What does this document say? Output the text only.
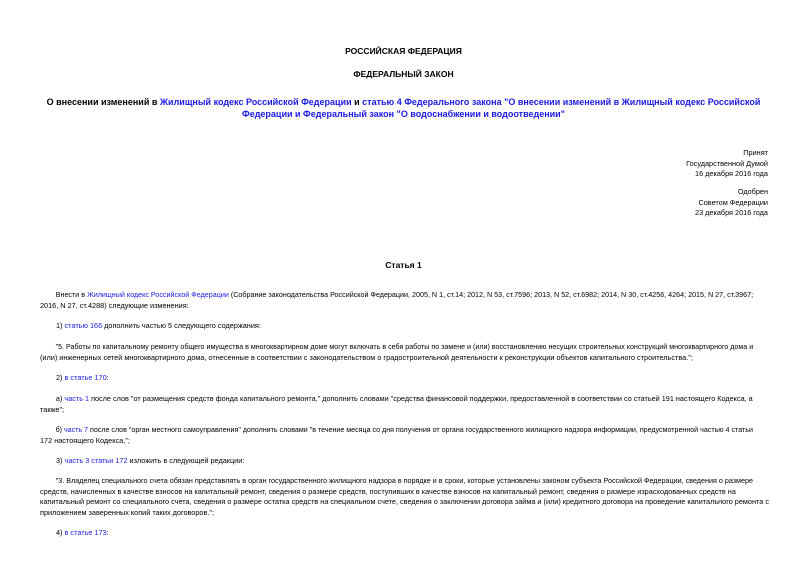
РОССИЙСКАЯ ФЕДЕРАЦИЯ
ФЕДЕРАЛЬНЫЙ ЗАКОН
О внесении изменений в Жилищный кодекс Российской Федерации и статью 4 Федерального закона "О внесении изменений в Жилищный кодекс Российской
Федерации и Федеральный закон "О водоснабжении и водоотведении"
Принят
Государственной Думой
16 декабря 2016 года
Одобрен
Советом Федерации
23 декабря 2016 года
Статья 1
Внести в Жилищный кодекс Российской Федерации (Собрание законодательства Российской Федерации, 2005, N 1, ст.14; 2012, N 53, ст.7596; 2013, N 52, ст.6982; 2014, N 30, ст.4256, 4264; 2015, N 27, ст.3967;
2016, N 27, ст.4288) следующие изменения:
1) статью 166 дополнить частью 5 следующего содержания:
"5. Работы по капитальному ремонту общего имущества в многоквартирном доме могут включать в себя работы по замене и (или) восстановлению несущих строительных конструкций многоквартирного дома и
(или) инженерных сетей многоквартирного дома, отнесенные в соответствии с законодательством о градостроительной деятельности к реконструкции объектов капитального строительства.";
2) в статье 170:
а) часть 1 после слов "от размещения средств фонда капитального ремонта," дополнить словами "средства финансовой поддержки, предоставленной в соответствии со статьей 191 настоящего Кодекса, а
также";
б) часть 7 после слов "орган местного самоуправления" дополнить словами "в течение месяца со дня получения от органа государственного жилищного надзора информации, предусмотренной частью 4 статьи
172 настоящего Кодекса,";
3) часть 3 статьи 172 изложить в следующей редакции:
"3. Владелец специального счета обязан представлять в орган государственного жилищного надзора в порядке и в сроки, которые установлены законом субъекта Российской Федерации, сведения о размере
средств, начисленных в качестве взносов на капитальный ремонт, сведения о размере средств, поступивших в качестве взносов на капитальный ремонт, сведения о размере израсходованных средств на
капитальный ремонт со специального счета, сведения о размере остатка средств на специальном счете, сведения о заключении договора займа и (или) кредитного договора на проведение капитального ремонта с
приложением заверенных копий таких договоров.";
4) в статье 173:
